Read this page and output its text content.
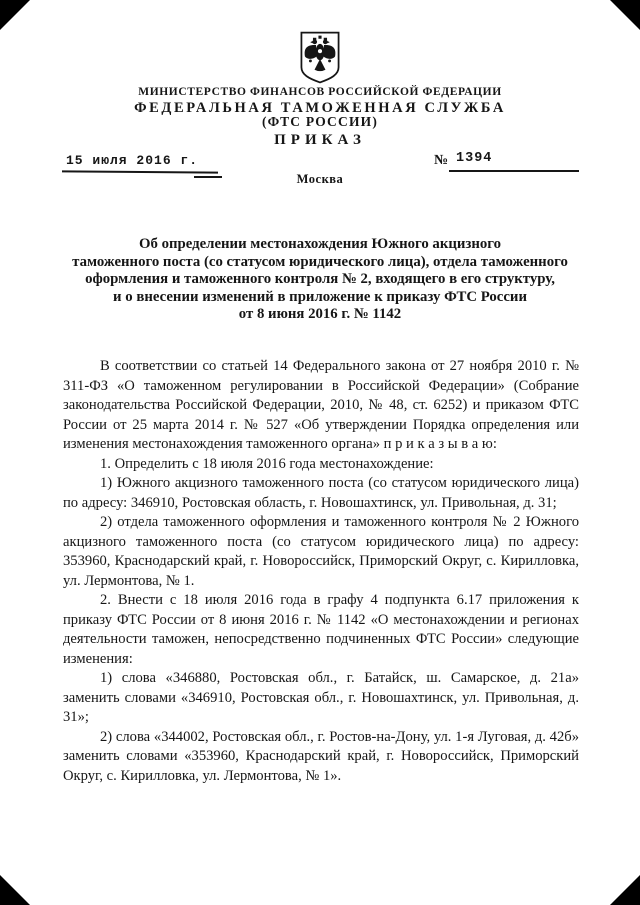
МИНИСТЕРСТВО ФИНАНСОВ РОССИЙСКОЙ ФЕДЕРАЦИИ
ФЕДЕРАЛЬНАЯ ТАМОЖЕННАЯ СЛУЖБА
(ФТС РОССИИ)
ПРИКАЗ
15 июля 2016 г.	№ 1394
Москва
Об определении местонахождения Южного акцизного
таможенного поста (со статусом юридического лица), отдела таможенного
оформления и таможенного контроля № 2, входящего в его структуру,
и о внесении изменений в приложение к приказу ФТС России
от 8 июня 2016 г. № 1142

В соответствии со статьей 14 Федерального закона от 27 ноября 2010 г. № 311-ФЗ «О таможенном регулировании в Российской Федерации» (Собрание законодательства Российской Федерации, 2010, № 48, ст. 6252) и приказом ФТС России от 25 марта 2014 г. № 527 «Об утверждении Порядка определения или изменения местонахождения таможенного органа» п р и к а з ы в а ю:

1. Определить с 18 июля 2016 года местонахождение:

1) Южного акцизного таможенного поста (со статусом юридического лица) по адресу: 346910, Ростовская область, г. Новошахтинск, ул. Привольная, д. 31;

2) отдела таможенного оформления и таможенного контроля № 2 Южного акцизного таможенного поста (со статусом юридического лица) по адресу: 353960, Краснодарский край, г. Новороссийск, Приморский Округ, с. Кирилловка, ул. Лермонтова, № 1.

2. Внести с 18 июля 2016 года в графу 4 подпункта 6.17 приложения к приказу ФТС России от 8 июня 2016 г. № 1142 «О местонахождении и регионах деятельности таможен, непосредственно подчиненных ФТС России» следующие изменения:

1) слова «346880, Ростовская обл., г. Батайск, ш. Самарское, д. 21а» заменить словами «346910, Ростовская обл., г. Новошахтинск, ул. Привольная, д. 31»;

2) слова «344002, Ростовская обл., г. Ростов-на-Дону, ул. 1-я Луговая, д. 42б» заменить словами «353960, Краснодарский край, г. Новороссийск, Приморский Округ, с. Кирилловка, ул. Лермонтова, № 1».
